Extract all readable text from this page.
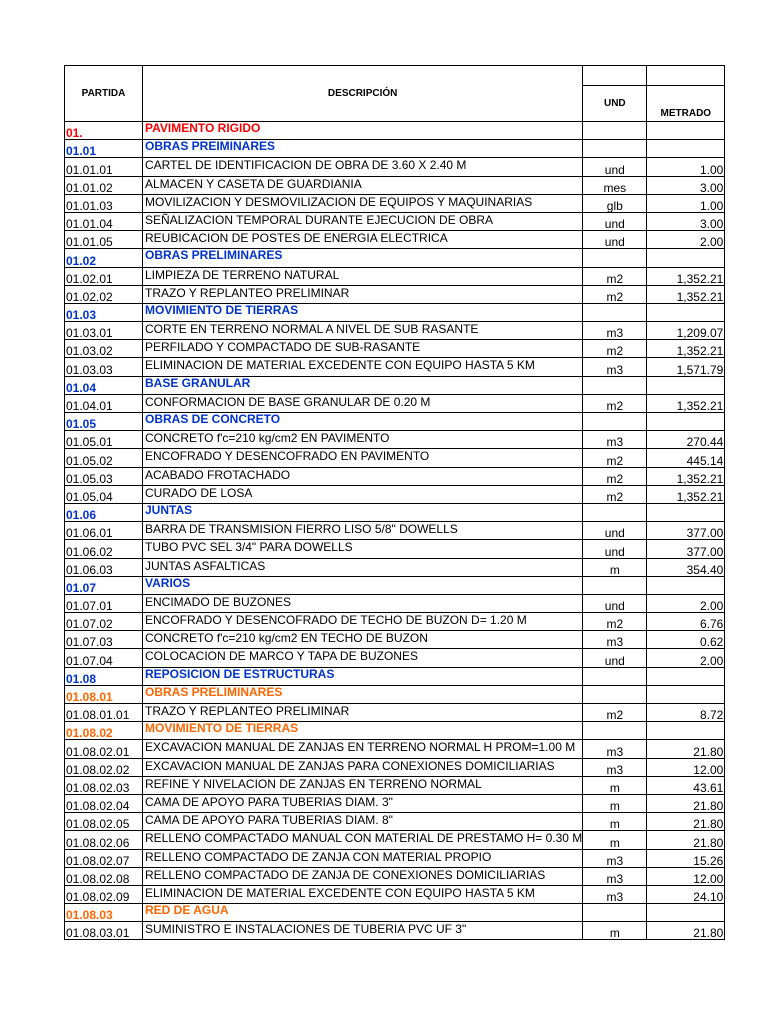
PARTIDA	DESCRIPCIÓN		
		UND	METRADO
01.	PAVIMENTO RIGIDO		

01.01	OBRAS PREIMINARES		

01.01.01	CARTEL DE IDENTIFICACION DE OBRA DE 3.60 X 2.40 M	und	1.00
01.01.02	ALMACEN Y CASETA DE GUARDIANIA	mes	3.00
01.01.03	MOVILIZACION Y DESMOVILIZACION DE EQUIPOS Y MAQUINARIAS	glb	1.00
01.01.04	SEÑALIZACION TEMPORAL DURANTE EJECUCION DE OBRA	und	3.00
01.01.05	REUBICACION DE POSTES DE ENERGIA ELECTRICA	und	2.00
01.02	OBRAS PRELIMINARES		

01.02.01	LIMPIEZA DE TERRENO NATURAL	m2	1,352.21
01.02.02	TRAZO Y REPLANTEO PRELIMINAR	m2	1,352.21
01.03	MOVIMIENTO DE TIERRAS		

01.03.01	CORTE EN TERRENO NORMAL A NIVEL DE SUB RASANTE	m3	1,209.07
01.03.02	PERFILADO Y COMPACTADO DE SUB-RASANTE	m2	1,352.21
01.03.03	ELIMINACION DE MATERIAL EXCEDENTE CON EQUIPO HASTA 5 KM	m3	1,571.79
01.04	BASE GRANULAR		

01.04.01	CONFORMACION DE BASE GRANULAR DE 0.20 M	m2	1,352.21
01.05	OBRAS DE CONCRETO		

01.05.01	CONCRETO f'c=210 kg/cm2 EN PAVIMENTO	m3	270.44
01.05.02	ENCOFRADO Y DESENCOFRADO EN PAVIMENTO	m2	445.14
01.05.03	ACABADO FROTACHADO	m2	1,352.21
01.05.04	CURADO DE LOSA	m2	1,352.21
01.06	JUNTAS		

01.06.01	BARRA DE TRANSMISION FIERRO LISO 5/8" DOWELLS	und	377.00
01.06.02	TUBO PVC SEL 3/4" PARA DOWELLS	und	377.00
01.06.03	JUNTAS ASFALTICAS	m	354.40
01.07	VARIOS		

01.07.01	ENCIMADO DE BUZONES	und	2.00
01.07.02	ENCOFRADO Y DESENCOFRADO DE TECHO DE BUZON D= 1.20 M	m2	6.76
01.07.03	CONCRETO f'c=210 kg/cm2 EN TECHO DE BUZON	m3	0.62
01.07.04	COLOCACION DE MARCO Y TAPA DE BUZONES	und	2.00
01.08	REPOSICION DE ESTRUCTURAS		

01.08.01	OBRAS PRELIMINARES		

01.08.01.01	TRAZO Y REPLANTEO PRELIMINAR	m2	8.72
01.08.02	MOVIMIENTO DE TIERRAS		

01.08.02.01	EXCAVACION MANUAL DE ZANJAS EN TERRENO NORMAL H PROM=1.00 M	m3	21.80
01.08.02.02	EXCAVACION MANUAL DE ZANJAS PARA CONEXIONES DOMICILIARIAS	m3	12.00
01.08.02.03	REFINE Y NIVELACION DE ZANJAS EN TERRENO NORMAL	m	43.61
01.08.02.04	CAMA DE APOYO PARA TUBERIAS DIAM. 3"	m	21.80
01.08.02.05	CAMA DE APOYO PARA TUBERIAS DIAM. 8"	m	21.80
01.08.02.06	RELLENO COMPACTADO MANUAL CON MATERIAL DE PRESTAMO H= 0.30 M	m	21.80
01.08.02.07	RELLENO COMPACTADO DE ZANJA CON MATERIAL PROPIO	m3	15.26
01.08.02.08	RELLENO COMPACTADO DE ZANJA DE CONEXIONES DOMICILIARIAS	m3	12.00
01.08.02.09	ELIMINACION DE MATERIAL EXCEDENTE CON EQUIPO HASTA 5 KM	m3	24.10
01.08.03	RED DE AGUA		

01.08.03.01	SUMINISTRO E INSTALACIONES DE TUBERIA PVC UF 3"	m	21.80
